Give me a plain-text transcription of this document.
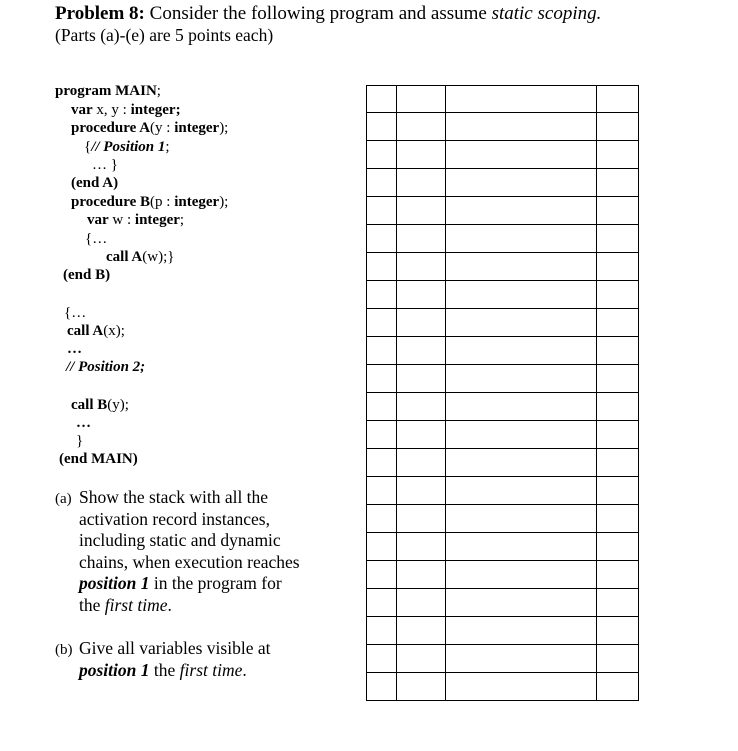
Problem 8: Consider the following program and assume static scoping.
(Parts (a)-(e) are 5 points each)
program MAIN;
var x, y : integer;
procedure A(y : integer);
{// Position 1;
… }
(end A)
procedure B(p : integer);
var w : integer;
{…
call A(w);}
(end B)
{…
call A(x);
…
// Position 2;
call B(y);
…
}
(end MAIN)
(a) Show the stack with all the
activation record instances,
including static and dynamic
chains, when execution reaches
position 1 in the program for
the first time.
(b) Give all variables visible at
position 1 the first time.
